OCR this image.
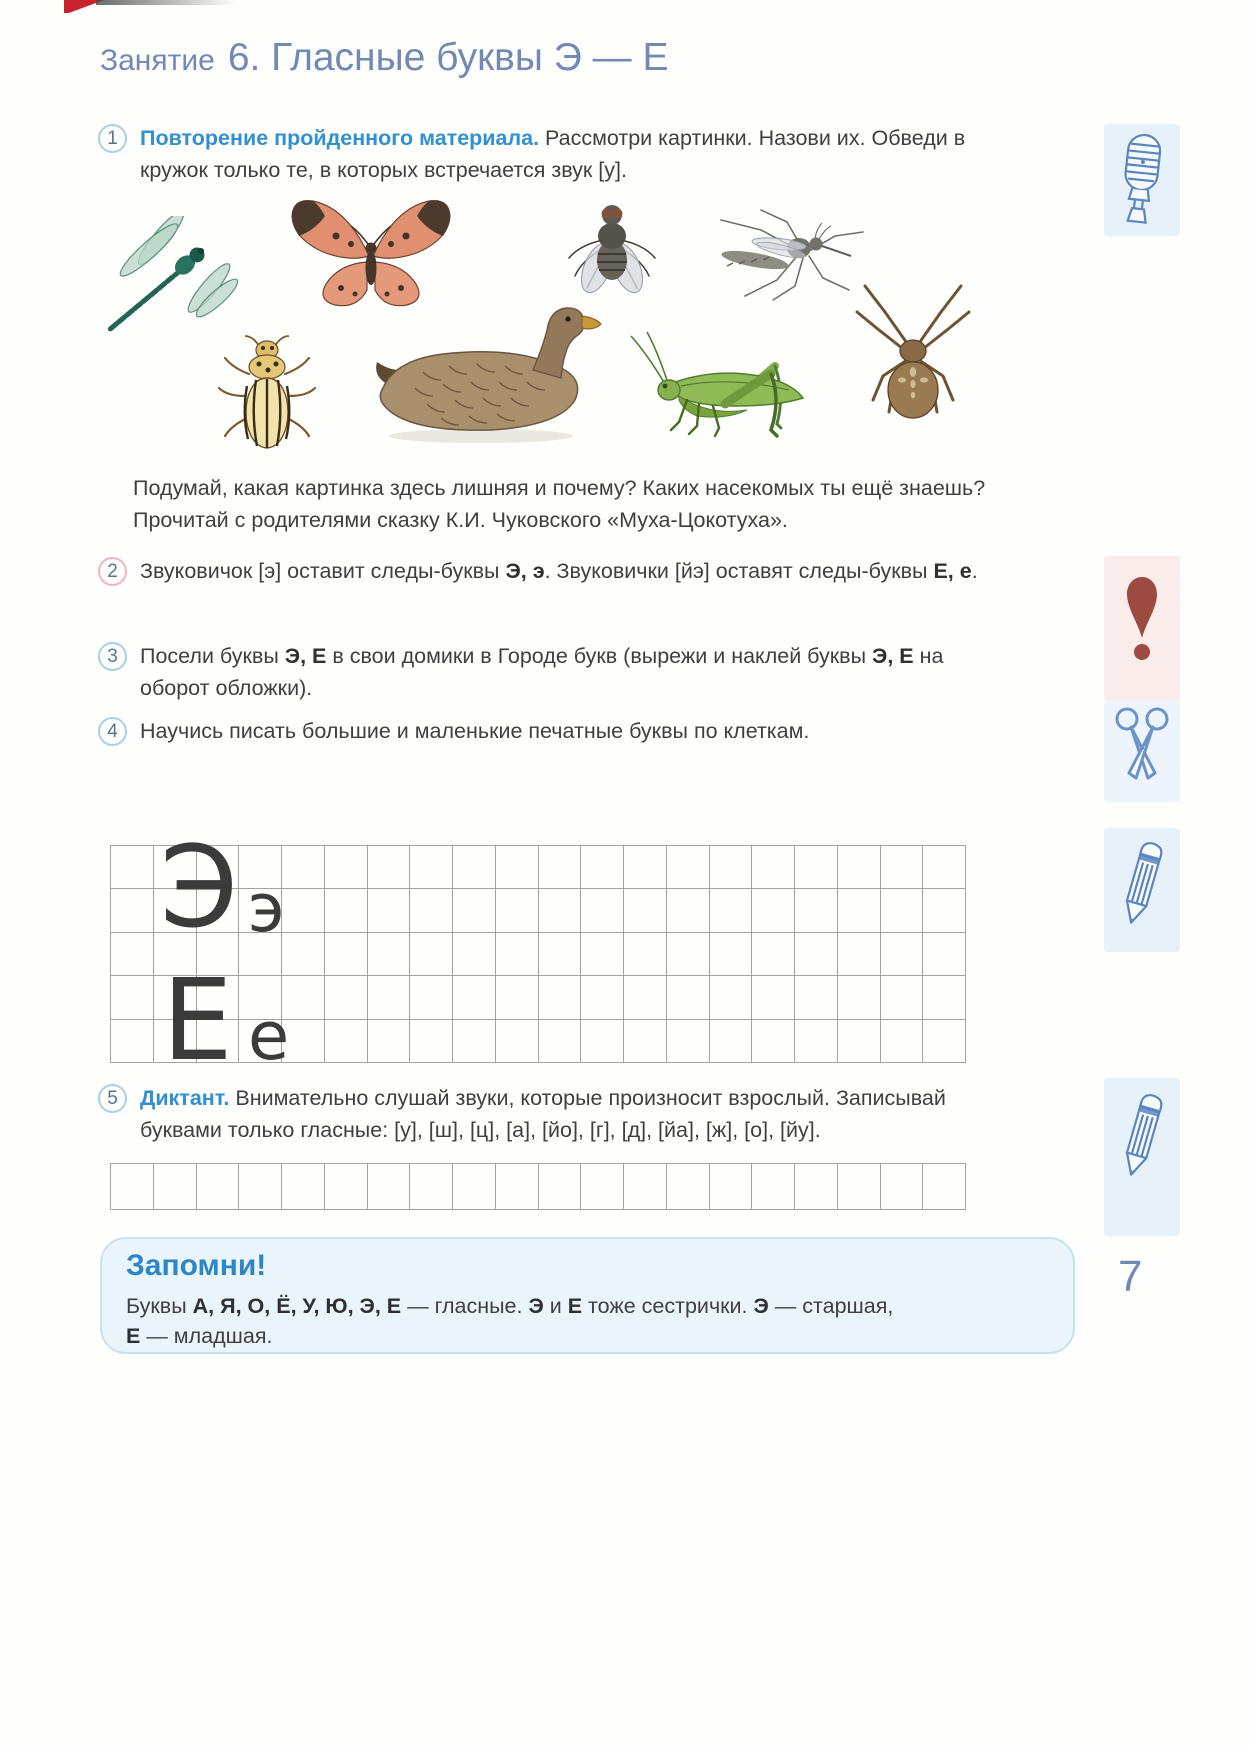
Занятие 6. Гласные буквы Э — Е
1	Повторение пройденного материала. Рассмотри картинки. Назови их. Обведи в кружок только те, в которых встречается звук [у].

Подумай, какая картинка здесь лишняя и почему? Каких насекомых ты ещё знаешь? Прочитай с родителями сказку К.И. Чуковского «Муха-Цокотуха».

2	Звуковичок [э] оставит следы-буквы Э, э. Звуковички [йэ] оставят следы-буквы Е, е.

3	Посели буквы Э, Е в свои домики в Городе букв (вырежи и наклей буквы Э, Е на оборот обложки).

4	Научись писать большие и маленькие печатные буквы по клеткам.

Э э
Е е
5	Диктант. Внимательно слушай звуки, которые произносит взрослый. Записывай буквами только гласные: [у], [ш], [ц], [а], [йо], [г], [д], [йа], [ж], [о], [йу].

Запомни!

Буквы А, Я, О, Ё, У, Ю, Э, Е — гласные. Э и Е тоже сестрички. Э — старшая,

Е — младшая.

7
